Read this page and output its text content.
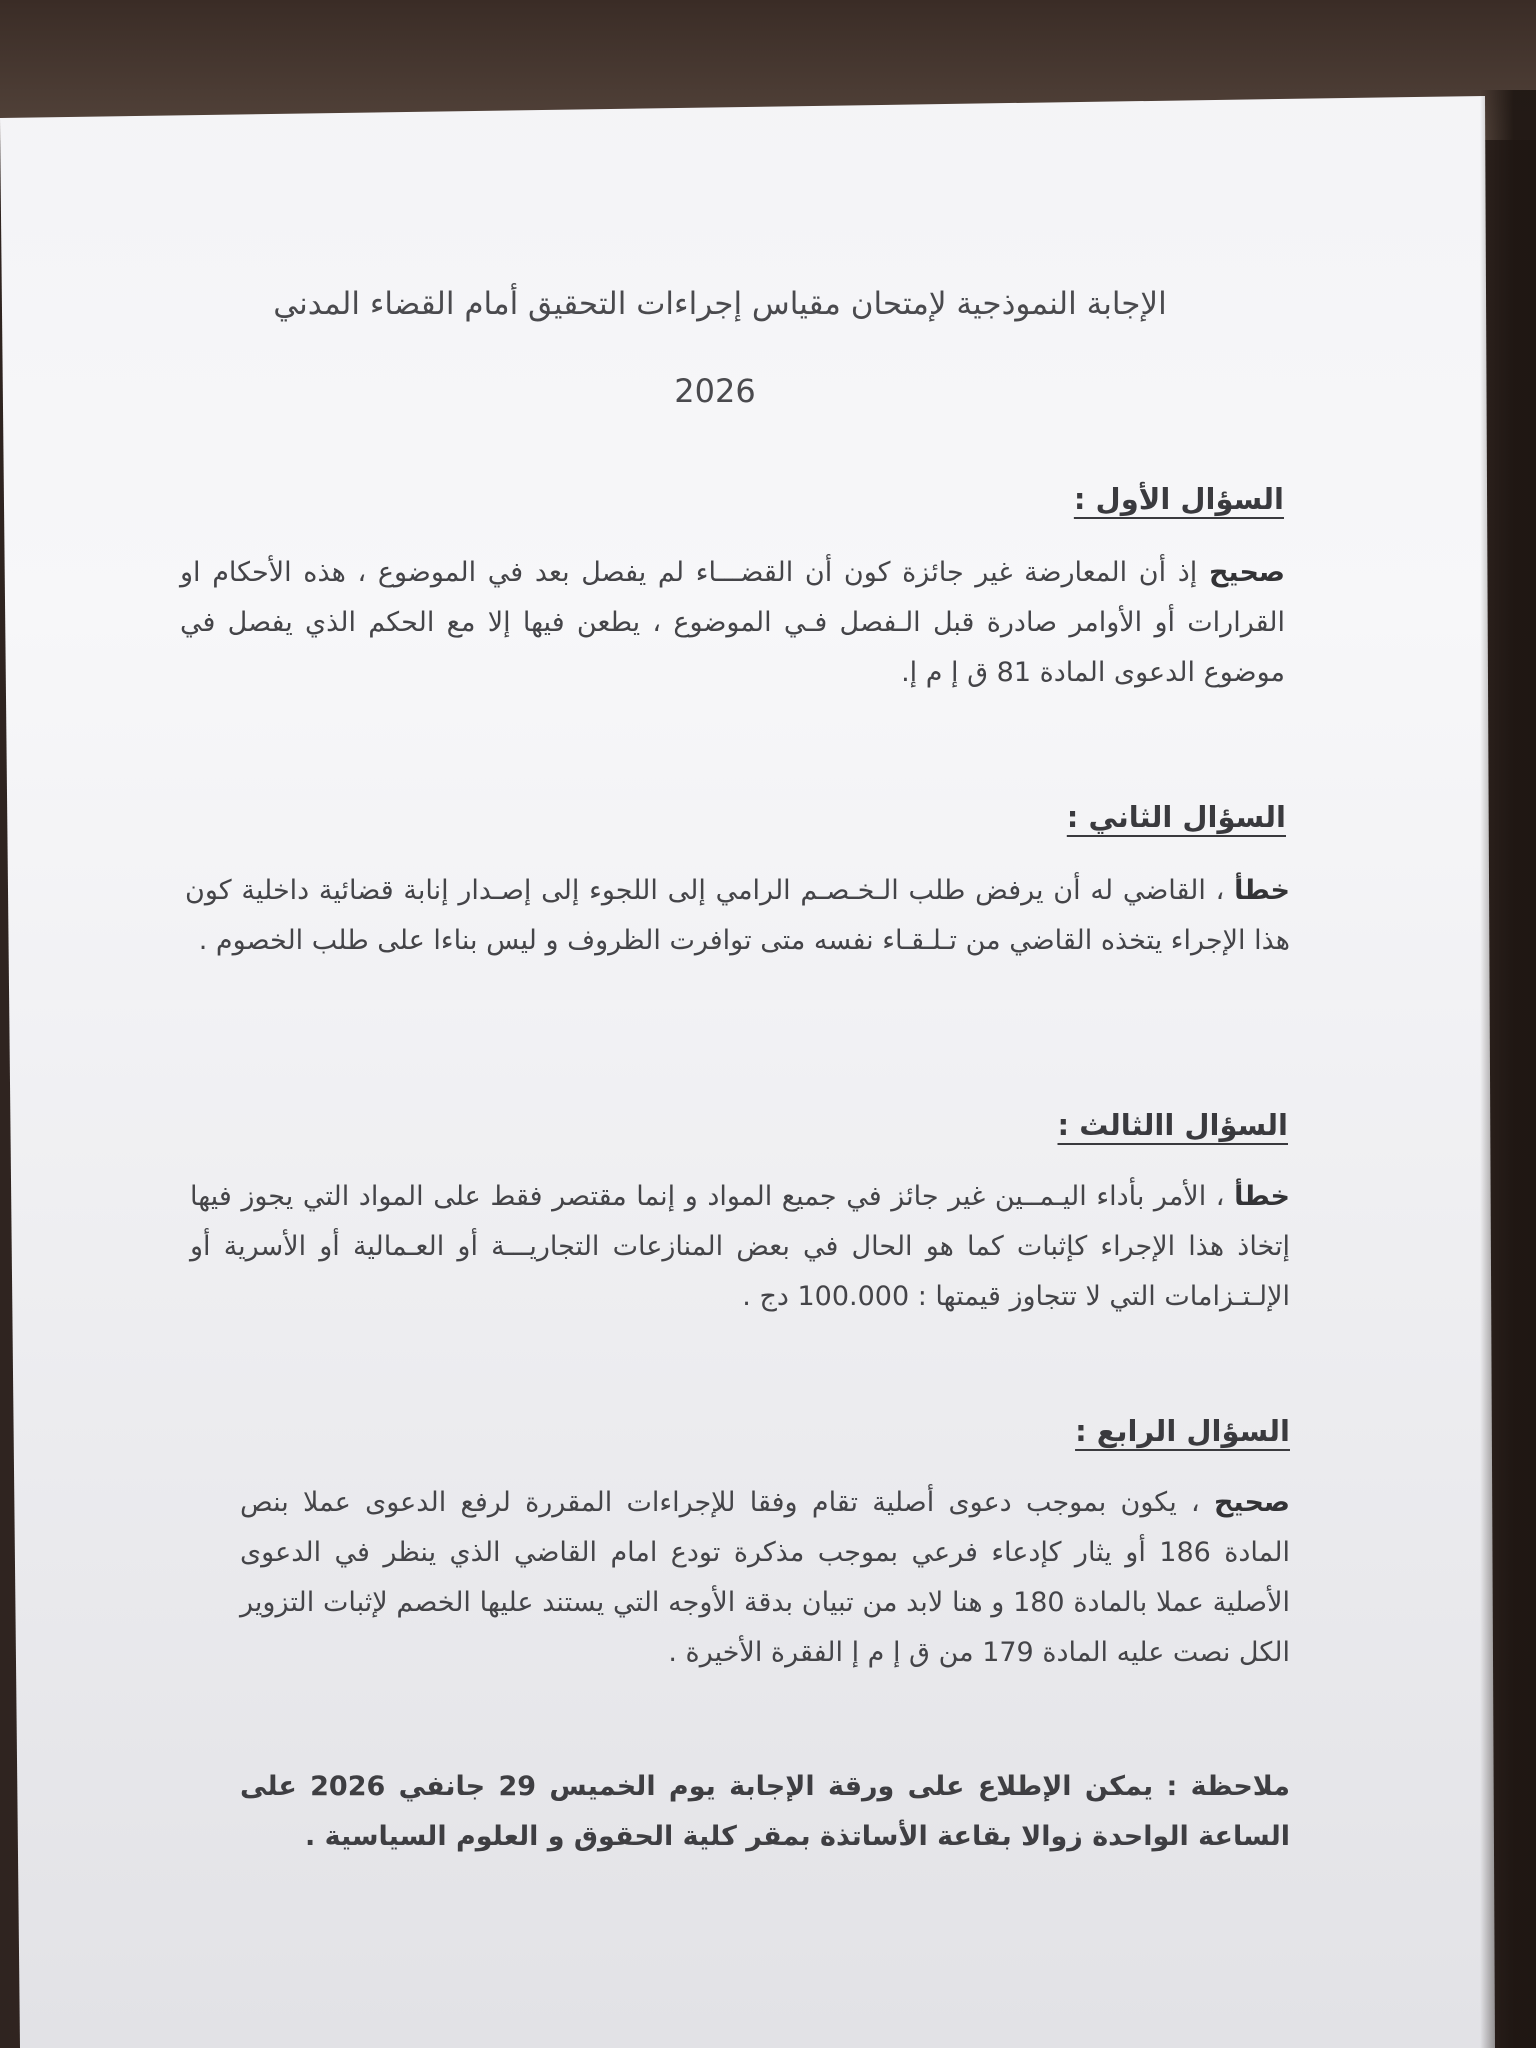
الإجابة النموذجية لإمتحان مقياس إجراءات التحقيق أمام القضاء المدني
2026
السؤال الأول :
صحيح إذ أن المعارضة غير جائزة كون أن القضـــاء لم يفصل بعد في الموضوع ، هذه الأحكام او القرارات أو الأوامر صادرة قبل الـفصل فـي الموضوع ، يطعن فيها إلا مع الحكم الذي يفصل في موضوع الدعوى المادة 81 ق إ م إ.
السؤال الثاني :
خطأ ، القاضي له أن يرفض طلب الـخـصـم الرامي إلى اللجوء إلى إصـدار إنابة قضائية داخلية كون هذا الإجراء يتخذه القاضي من تـلـقـاء نفسه متى توافرت الظروف و ليس بناءا على طلب الخصوم .
السؤال االثالث :
خطأ ، الأمر بأداء اليـمــين غير جائز في جميع المواد و إنما مقتصر فقط على المواد التي يجوز فيها إتخاذ هذا الإجراء كإثبات كما هو الحال في بعض المنازعات التجاريـــة أو العـمالية أو الأسرية أو الإلـتـزامات التي لا تتجاوز قيمتها : 100.000 دج .
السؤال الرابع :
صحيح ، يكون بموجب دعوى أصلية تقام وفقا للإجراءات المقررة لرفع الدعوى عملا بنص المادة 186 أو يثار كإدعاء فرعي بموجب مذكرة تودع امام القاضي الذي ينظر في الدعوى الأصلية عملا بالمادة 180 و هنا لابد من تبيان بدقة الأوجه التي يستند عليها الخصم لإثبات التزوير الكل نصت عليه المادة 179 من ق إ م إ الفقرة الأخيرة .
ملاحظة : يمكن الإطلاع على ورقة الإجابة يوم الخميس 29 جانفي 2026 على الساعة الواحدة زوالا بقاعة الأساتذة بمقر كلية الحقوق و العلوم السياسية .
